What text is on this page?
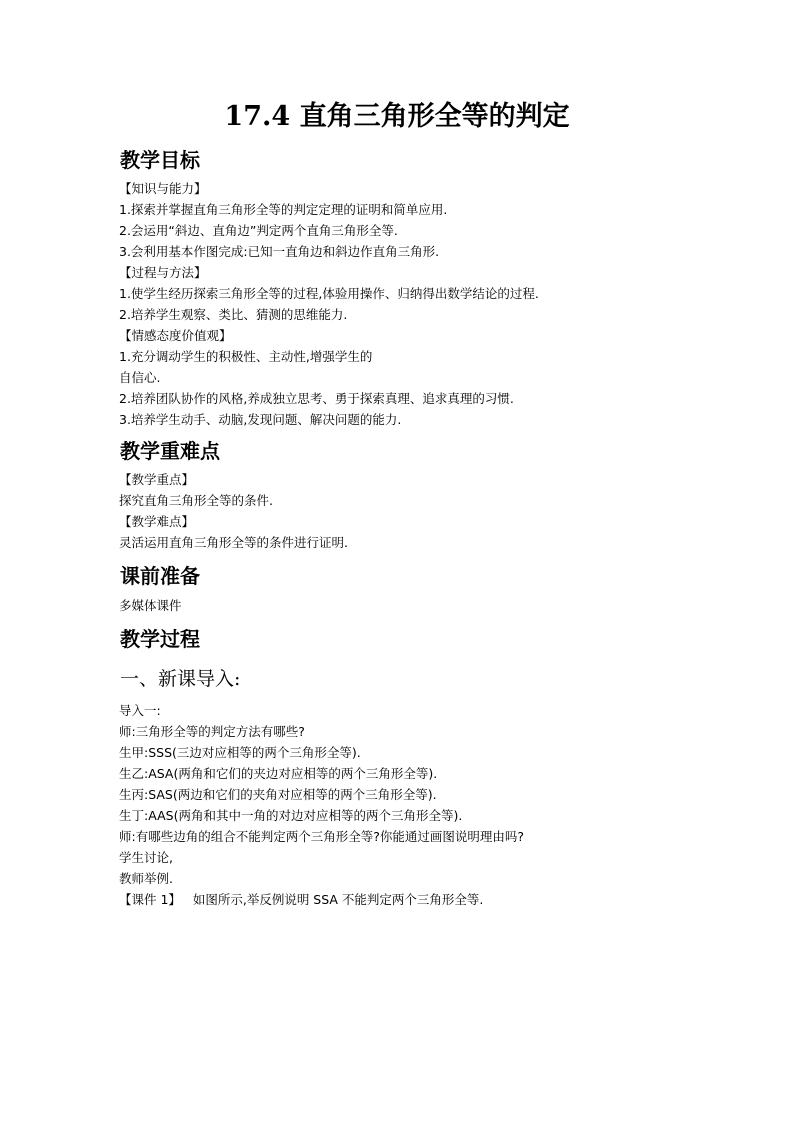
17.4 直角三角形全等的判定
教学目标

【知识与能力】

1.探索并掌握直角三角形全等的判定定理的证明和简单应用.

2.会运用“斜边、直角边”判定两个直角三角形全等.

3.会利用基本作图完成:已知一直角边和斜边作直角三角形.

【过程与方法】

1.使学生经历探索三角形全等的过程,体验用操作、归纳得出数学结论的过程.

2.培养学生观察、类比、猜测的思维能力.

【情感态度价值观】

1.充分调动学生的积极性、主动性,增强学生的

自信心.

2.培养团队协作的风格,养成独立思考、勇于探索真理、追求真理的习惯.

3.培养学生动手、动脑,发现问题、解决问题的能力.

教学重难点

【教学重点】

探究直角三角形全等的条件.

【教学难点】

灵活运用直角三角形全等的条件进行证明.

课前准备

多媒体课件

教学过程
一、新课导入:

导入一:

师:三角形全等的判定方法有哪些?

生甲:SSS(三边对应相等的两个三角形全等).

生乙:ASA(两角和它们的夹边对应相等的两个三角形全等).

生丙:SAS(两边和它们的夹角对应相等的两个三角形全等).

生丁:AAS(两角和其中一角的对边对应相等的两个三角形全等).

师:有哪些边角的组合不能判定两个三角形全等?你能通过画图说明理由吗?

学生讨论,

教师举例.

【课件 1】   如图所示,举反例说明 SSA 不能判定两个三角形全等.
